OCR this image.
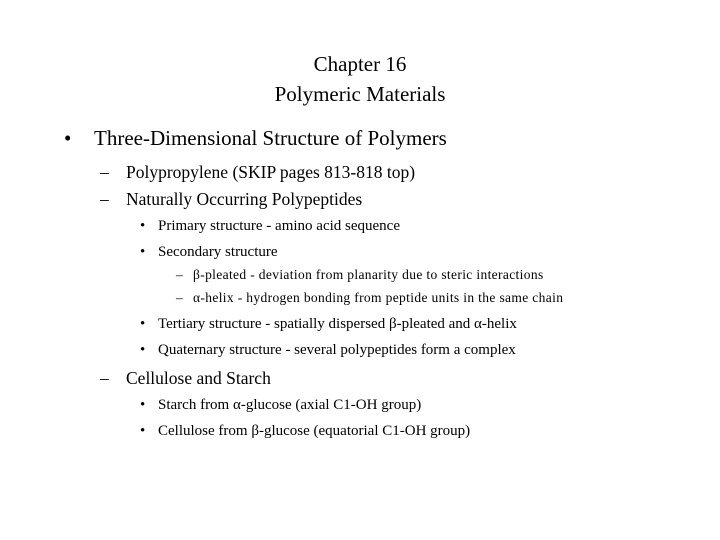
Chapter 16
Polymeric Materials
•	Three-Dimensional Structure of Polymers
– Polypropylene (SKIP pages 813-818 top)
– Naturally Occurring Polypeptides
• Primary structure - amino acid sequence
• Secondary structure
– β-pleated - deviation from planarity due to steric interactions
– α-helix - hydrogen bonding from peptide units in the same chain
• Tertiary structure - spatially dispersed β-pleated and α-helix
• Quaternary structure - several polypeptides form a complex
– Cellulose and Starch
• Starch from α-glucose (axial C1-OH group)
• Cellulose from β-glucose (equatorial C1-OH group)
